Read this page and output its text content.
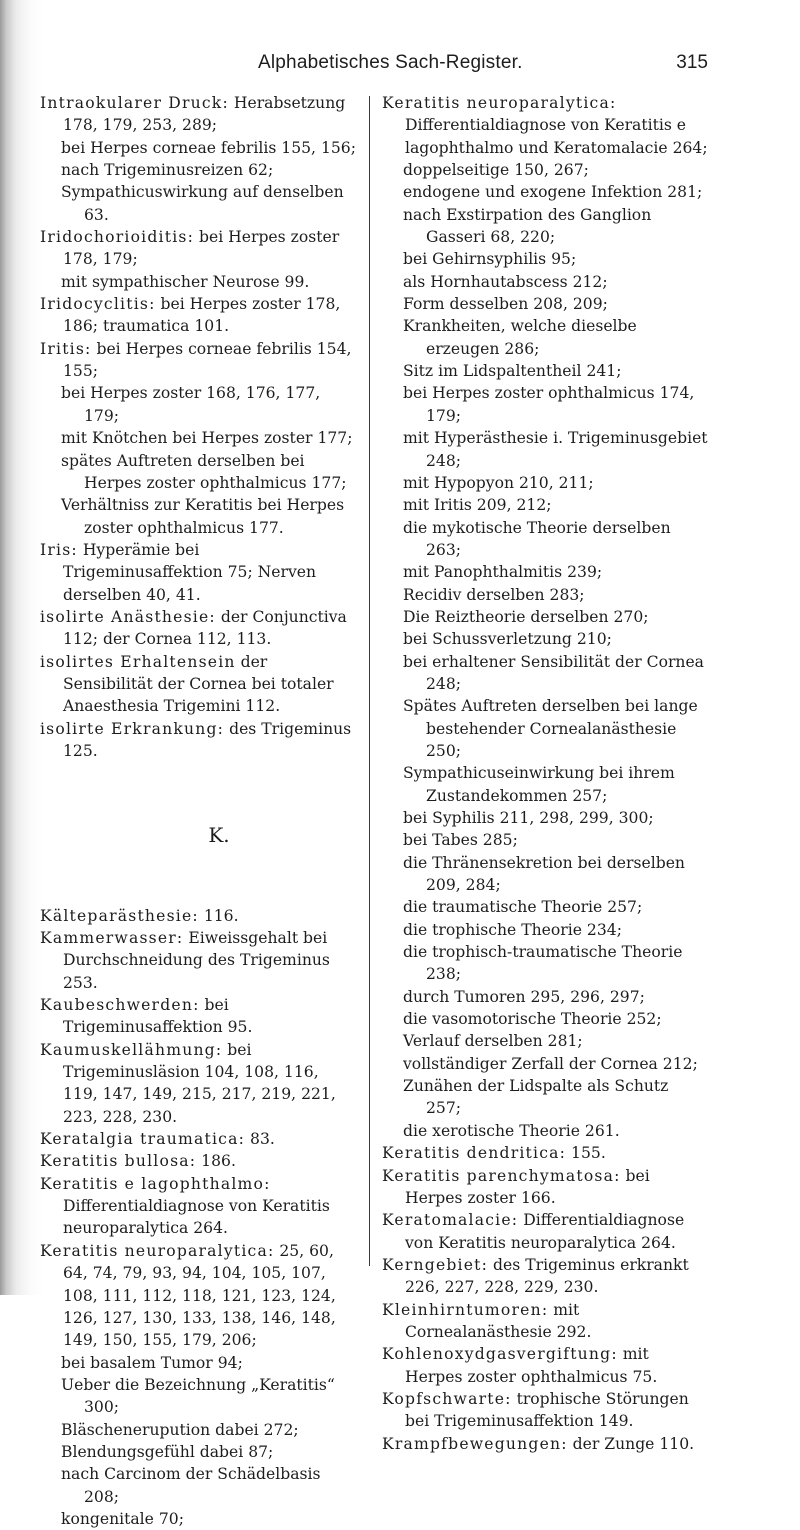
Alphabetisches Sach-Register.	315

Intraokularer Druck: Herabsetzung 178, 179, 253, 289;

bei Herpes corneae febrilis 155, 156;

nach Trigeminusreizen 62;

Sympathicuswirkung auf denselben 63.

Iridochorioiditis: bei Herpes zoster 178, 179;

mit sympathischer Neurose 99.

Iridocyclitis: bei Herpes zoster 178, 186; traumatica 101.

Iritis: bei Herpes corneae febrilis 154, 155;

bei Herpes zoster 168, 176, 177, 179;

mit Knötchen bei Herpes zoster 177;

spätes Auftreten derselben bei Herpes zoster ophthalmicus 177;

Verhältniss zur Keratitis bei Herpes zoster ophthalmicus 177.

Iris: Hyperämie bei Trigeminusaffektion 75; Nerven derselben 40, 41.

isolirte Anästhesie: der Conjunctiva 112; der Cornea 112, 113.

isolirtes Erhaltensein der Sensibilität der Cornea bei totaler Anaesthesia Trigemini 112.

isolirte Erkrankung: des Trigeminus 125.

K.

Kälteparästhesie: 116.

Kammerwasser: Eiweissgehalt bei Durchschneidung des Trigeminus 253.

Kaubeschwerden: bei Trigeminusaffektion 95.

Kaumuskellähmung: bei Trigeminusläsion 104, 108, 116, 119, 147, 149, 215, 217, 219, 221, 223, 228, 230.

Keratalgia traumatica: 83.

Keratitis bullosa: 186.

Keratitis e lagophthalmo: Differentialdiagnose von Keratitis neuroparalytica 264.

Keratitis neuroparalytica: 25, 60, 64, 74, 79, 93, 94, 104, 105, 107, 108, 111, 112, 118, 121, 123, 124, 126, 127, 130, 133, 138, 146, 148, 149, 150, 155, 179, 206;

bei basalem Tumor 94;

Ueber die Bezeichnung „Keratitis“ 300;

Bläschenerupution dabei 272;

Blendungsgefühl dabei 87;

nach Carcinom der Schädelbasis 208;

kongenitale 70;

Keratitis neuroparalytica: Differentialdiagnose von Keratitis e lagophthalmo und Keratomalacie 264;

doppelseitige 150, 267;

endogene und exogene Infektion 281;

nach Exstirpation des Ganglion Gasseri 68, 220;

bei Gehirnsyphilis 95;

als Hornhautabscess 212;

Form desselben 208, 209;

Krankheiten, welche dieselbe erzeugen 286;

Sitz im Lidspaltentheil 241;

bei Herpes zoster ophthalmicus 174, 179;

mit Hyperästhesie i. Trigeminusgebiet 248;

mit Hypopyon 210, 211;

mit Iritis 209, 212;

die mykotische Theorie derselben 263;

mit Panophthalmitis 239;

Recidiv derselben 283;

Die Reiztheorie derselben 270;

bei Schussverletzung 210;

bei erhaltener Sensibilität der Cornea 248;

Spätes Auftreten derselben bei lange bestehender Cornealanästhesie 250;

Sympathicuseinwirkung bei ihrem Zustandekommen 257;

bei Syphilis 211, 298, 299, 300;

bei Tabes 285;

die Thränensekretion bei derselben 209, 284;

die traumatische Theorie 257;

die trophische Theorie 234;

die trophisch-traumatische Theorie 238;

durch Tumoren 295, 296, 297;

die vasomotorische Theorie 252;

Verlauf derselben 281;

vollständiger Zerfall der Cornea 212;

Zunähen der Lidspalte als Schutz 257;

die xerotische Theorie 261.

Keratitis dendritica: 155.

Keratitis parenchymatosa: bei Herpes zoster 166.

Keratomalacie: Differentialdiagnose von Keratitis neuroparalytica 264.

Kerngebiet: des Trigeminus erkrankt 226, 227, 228, 229, 230.

Kleinhirntumoren: mit Cornealanästhesie 292.

Kohlenoxydgasvergiftung: mit Herpes zoster ophthalmicus 75.

Kopfschwarte: trophische Störungen bei Trigeminusaffektion 149.

Krampfbewegungen: der Zunge 110.
